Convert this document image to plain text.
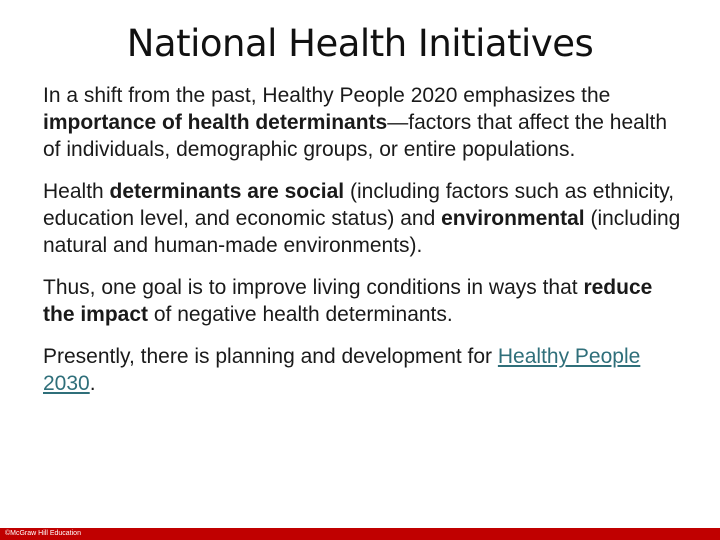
National Health Initiatives

In a shift from the past, Healthy People 2020 emphasizes the importance of health determinants—factors that affect the health of individuals, demographic groups, or entire populations.

Health determinants are social (including factors such as ethnicity, education level, and economic status) and environmental (including natural and human-made environments).

Thus, one goal is to improve living conditions in ways that reduce the impact of negative health determinants.

Presently, there is planning and development for Healthy People 2030.

©McGraw Hill Education
